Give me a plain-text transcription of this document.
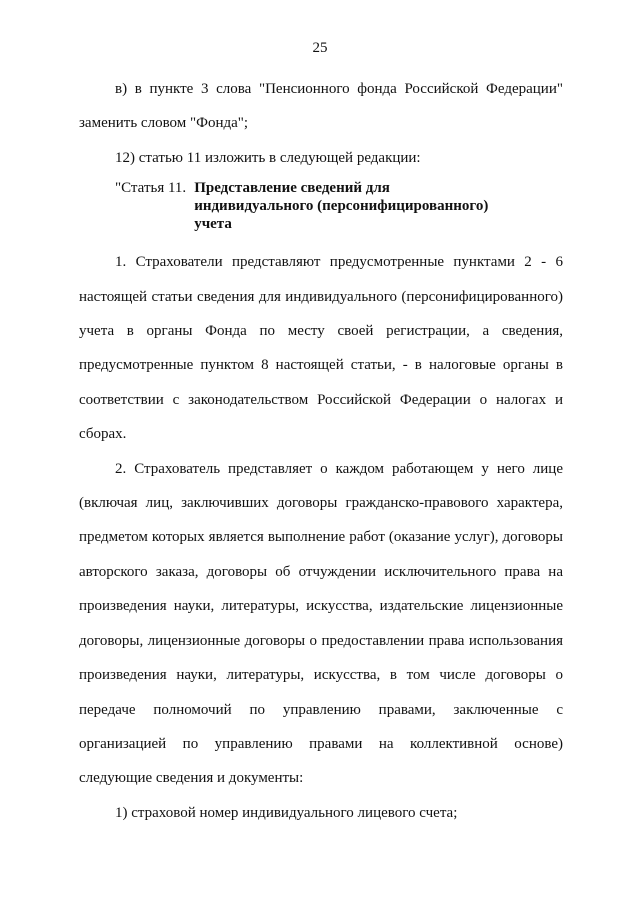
25

в) в пункте 3 слова "Пенсионного фонда Российской Федерации" заменить словом "Фонда";

12) статью 11 изложить в следующей редакции:

"Статья 11. Представление сведений для индивидуального (персонифицированного) учета

1. Страхователи представляют предусмотренные пунктами 2 - 6 настоящей статьи сведения для индивидуального (персонифицированного) учета в органы Фонда по месту своей регистрации, а сведения, предусмотренные пунктом 8 настоящей статьи, - в налоговые органы в соответствии с законодательством Российской Федерации о налогах и сборах.

2. Страхователь представляет о каждом работающем у него лице (включая лиц, заключивших договоры гражданско-правового характера, предметом которых является выполнение работ (оказание услуг), договоры авторского заказа, договоры об отчуждении исключительного права на произведения науки, литературы, искусства, издательские лицензионные договоры, лицензионные договоры о предоставлении права использования произведения науки, литературы, искусства, в том числе договоры о передаче полномочий по управлению правами, заключенные с организацией по управлению правами на коллективной основе) следующие сведения и документы:

1) страховой номер индивидуального лицевого счета;
